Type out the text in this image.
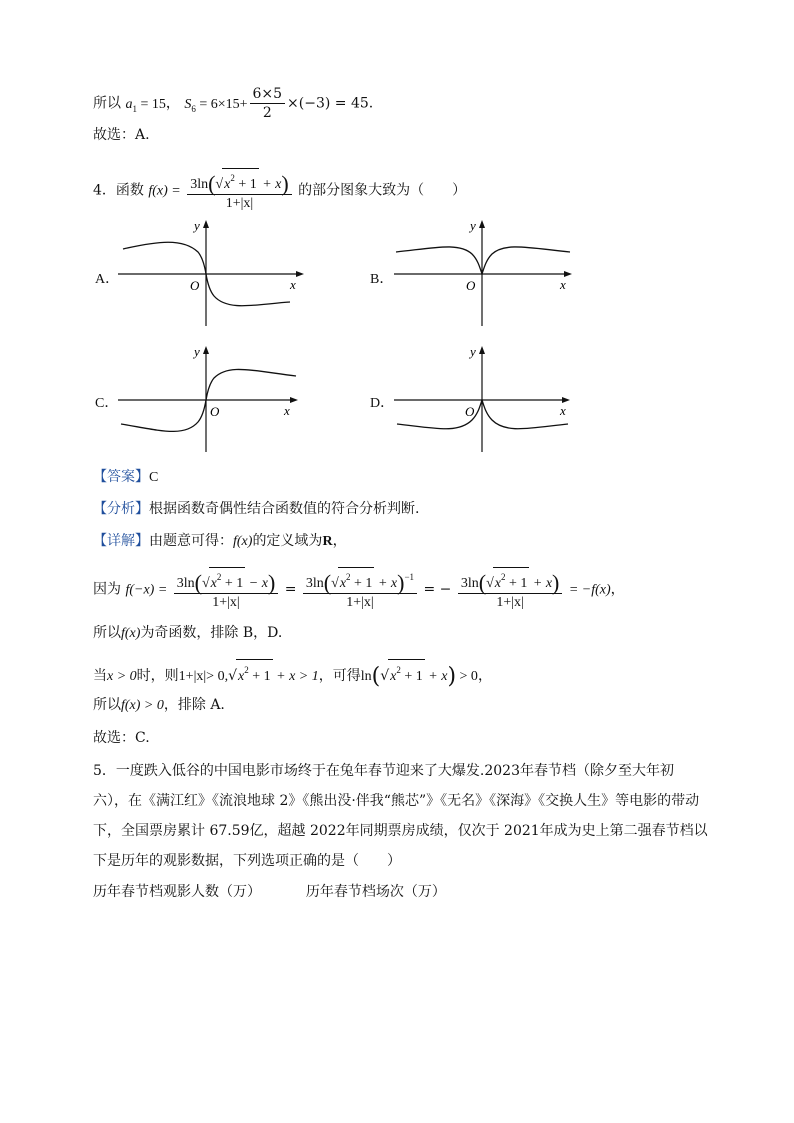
所以 $a_1 = 15$， $S_6 = 6\times 15+ \frac{6\times 5}{2} \times(-3) = 45$.
故选：A.
4．函数 $f(x) = \frac{3\ln(√x^2 + 1 + x)}{1+|x|}$ 的部分图象大致为（　　）
A．	B．
C．	D．
x
y
O	x
y
O
x
y
O	x
y
O
【答案】C
【分析】根据函数奇偶性结合函数值的符合分析判断.
【详解】由题意可得：f(x)的定义域为R，
因为 $f(-x) = \frac{3\ln(√x^2 + 1 - x)}{1+|x|} = \frac{3\ln(√x^2 + 1 + x)^{-1}}{1+|x|}$ = − $\frac{3\ln(√x^2 + 1 + x)}{1+|x|} = -f(x)$，
所以f(x)为奇函数，排除 B，D.
当x > 0时，则$1+|x|> 0,√x^2 + 1 + x > 1$，可得$\ln(√x^2 + 1 + x) > 0$，
所以f(x) > 0，排除 A.
故选：C.
5．一度跌入低谷的中国电影市场终于在兔年春节迎来了大爆发.2023年春节档（除夕至大年初六），在《满江红》《流浪地球 2》《熊出没·伴我“熊芯”》《无名》《深海》《交换人生》等电影的带动下，全国票房累计 67.59亿，超越 2022年同期票房成绩，仅次于 2021年成为史上第二强春节档以下是历年的观影数据，下列选项正确的是（　　）
历年春节档观影人数（万）	历年春节档场次（万）
